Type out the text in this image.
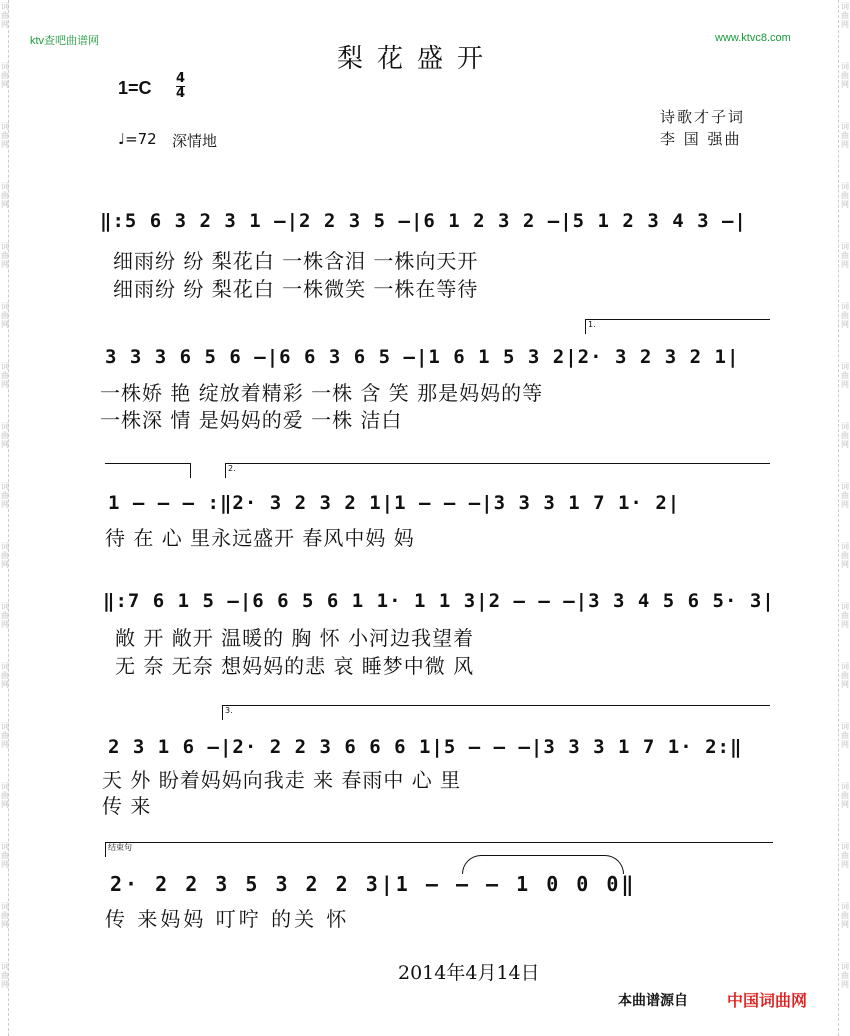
词
曲
网
词
曲
网
词
曲
网
词
曲
网
词
曲
网
词
曲
网
词
曲
网
词
曲
网
词
曲
网
词
曲
网
词
曲
网
词
曲
网
词
曲
网
词
曲
网
词
曲
网
词
曲
网
词
曲
网
词
曲
网
词
曲
网
词
曲
网
词
曲
网
词
曲
网
词
曲
网
词
曲
网
词
曲
网
词
曲
网
词
曲
网
词
曲
网
词
曲
网
词
曲
网
词
曲
网
词
曲
网
词
曲
网
词
曲
网
ktv查吧曲谱网	www.ktvc8.com
梨花盛开
1=C 4
4
♩=72 深情地
诗歌才子词
李 国 强曲
‖:5 6 3 2 3 1 –|2 2 3 5 –|6 1 2 3 2 –|5 1 2 3 4 3 –|
细雨纷 纷 梨花白 一株含泪 一株向天开
细雨纷 纷 梨花白 一株微笑 一株在等待
1.
3 3 3 6 5 6 –|6 6 3 6 5 –|1 6 1 5 3 2|2· 3 2 3 2 1|
一株娇 艳 绽放着精彩 一株 含 笑 那是妈妈的等
一株深 情 是妈妈的爱 一株 洁白
2.
1 – – – :‖2· 3 2 3 2 1|1 – – –|3 3 3 1 7 1· 2|
待 在 心 里永远盛开 春风中妈 妈
‖:7 6 1 5 –|6 6 5 6 1 1· 1 1 3|2 – – –|3 3 4 5 6 5· 3|
敞 开 敞开 温暖的 胸 怀 小河边我望着
无 奈 无奈 想妈妈的悲 哀 睡梦中微 风
3.
2 3 1 6 –|2· 2 2 3 6 6 6 1|5 – – –|3 3 3 1 7 1· 2:‖
天 外 盼着妈妈向我走 来 春雨中 心 里
传 来
结束句
2· 2 2 3 5 3 2 2 3|1 – – – 1 0 0 0‖
传 来妈妈 叮咛 的关 怀
2014年4月14日
本曲谱源自 中国词曲网
